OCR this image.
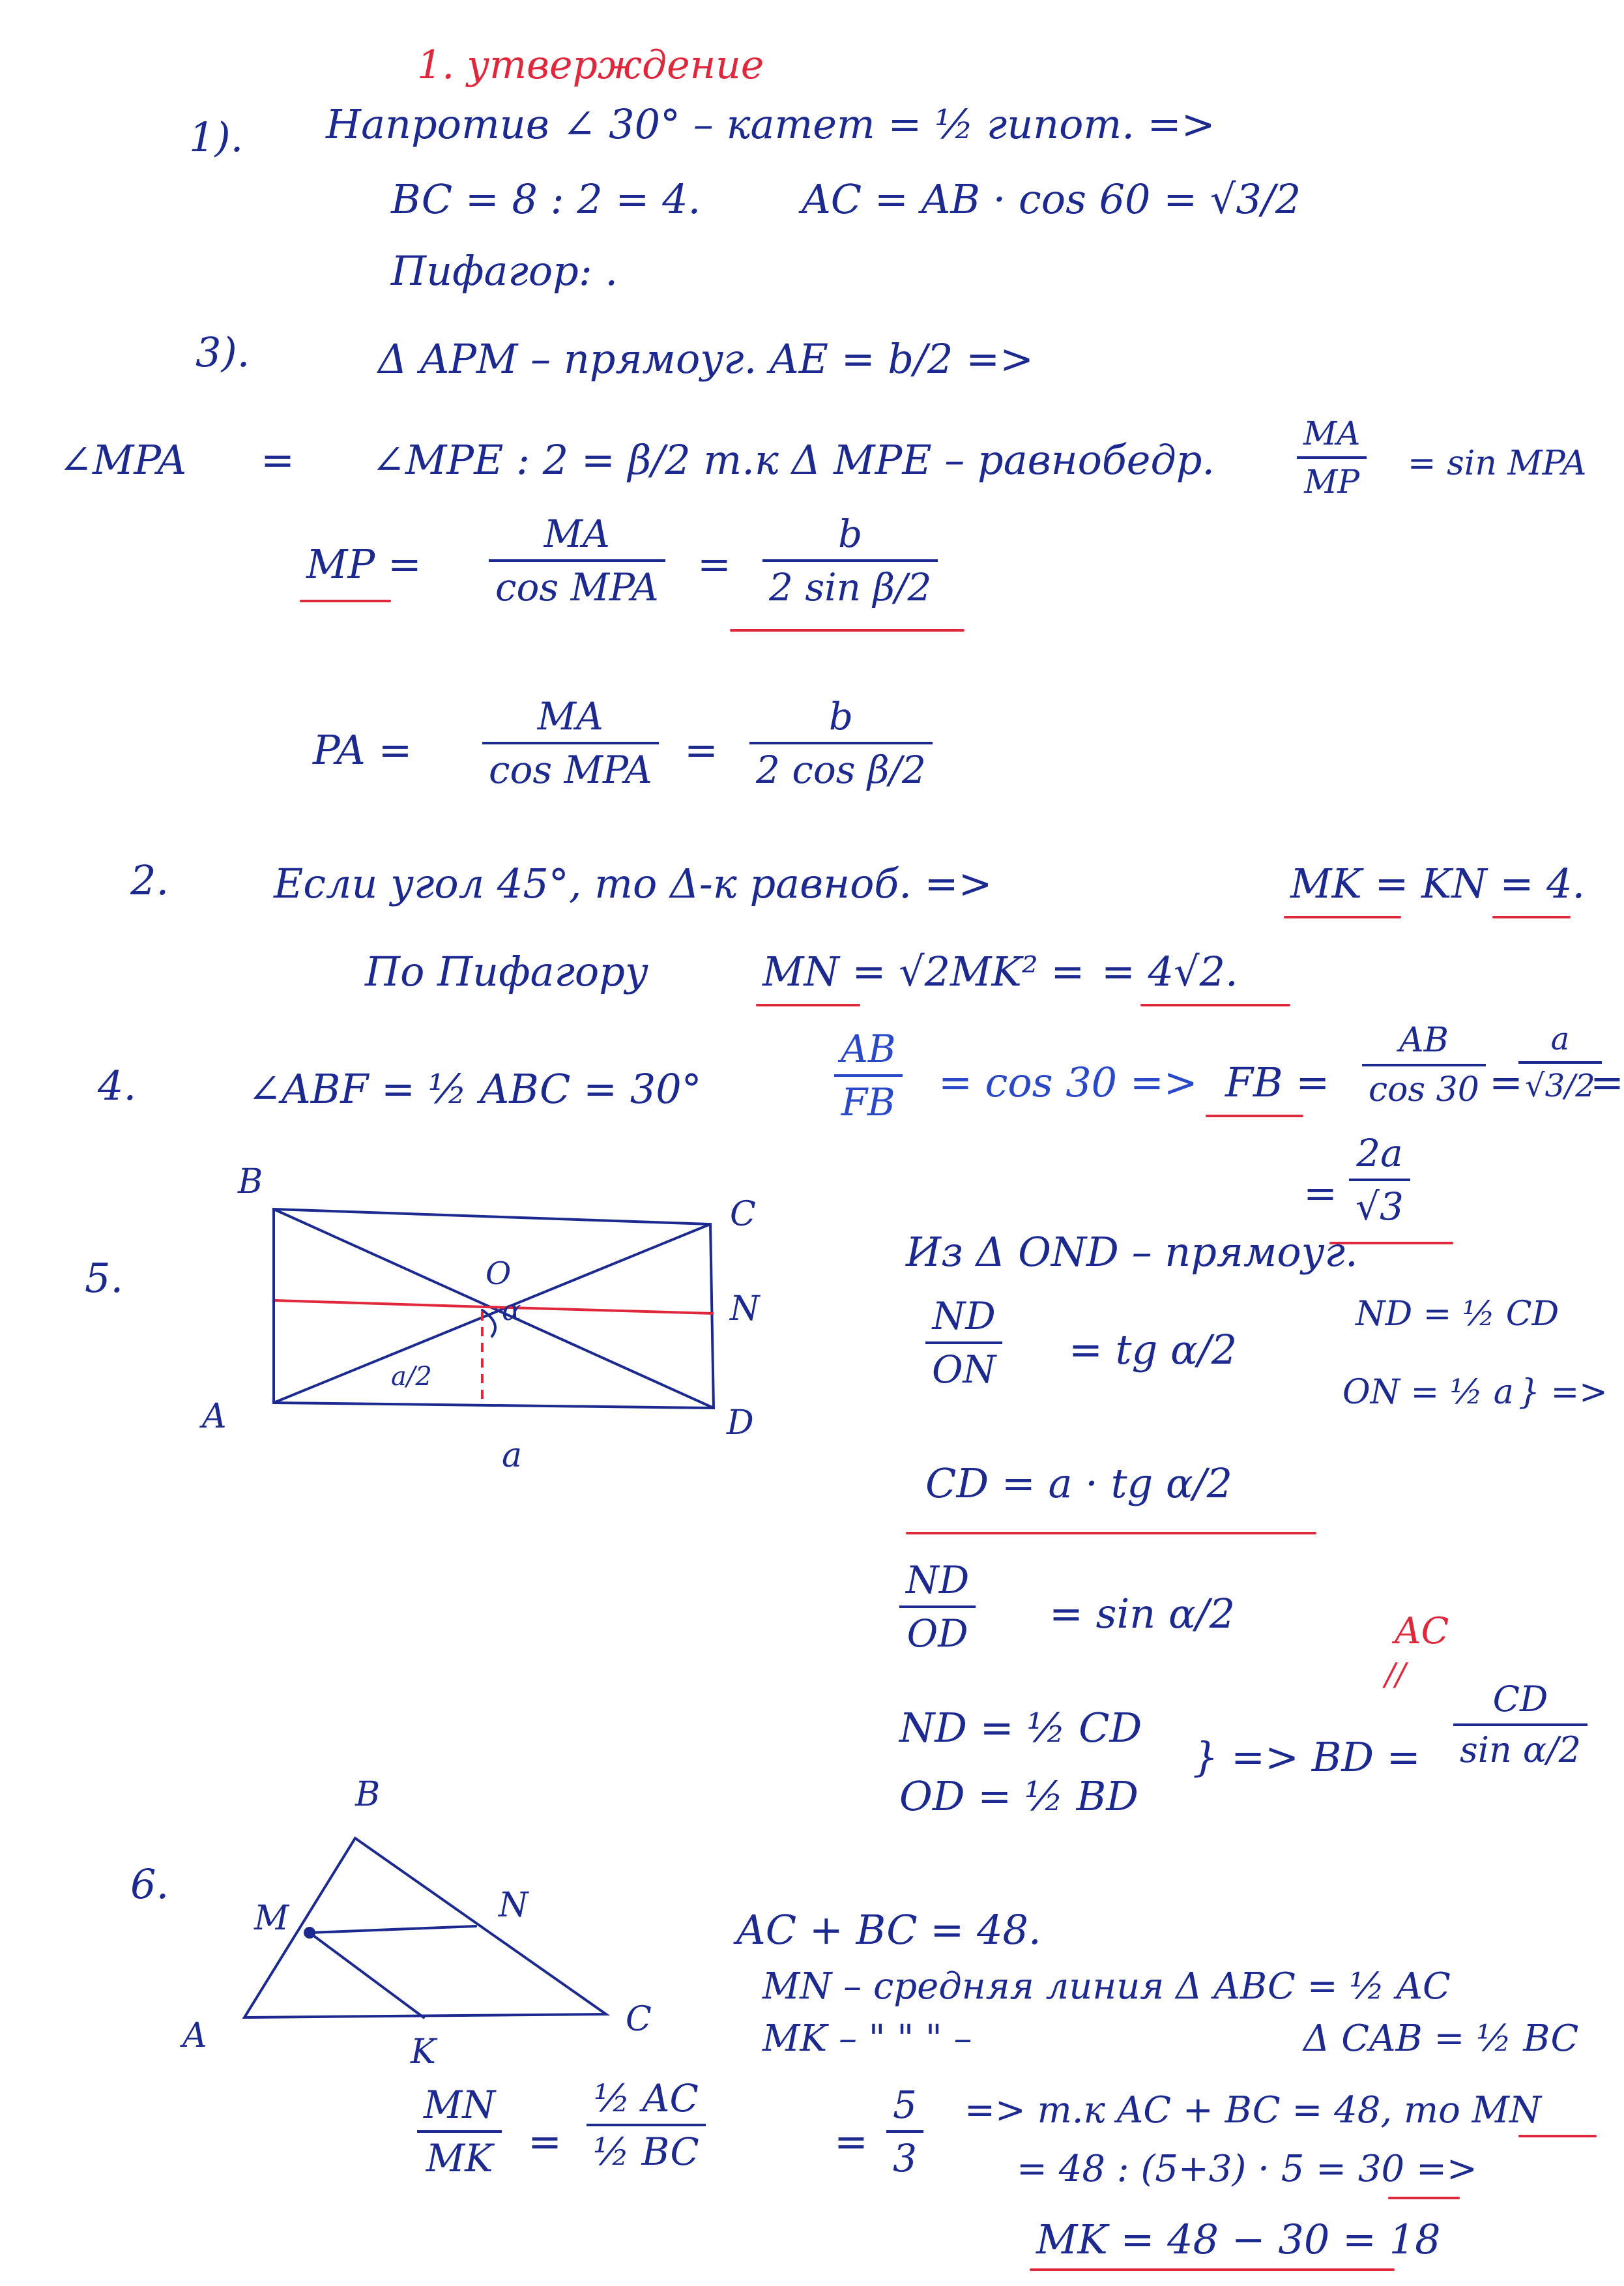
1. утверждение
1). Напротив ∠ 30° – катет = ½ гипот. =>
BC = 8 : 2 = 4. AC = AB · cos 60 = √3/2
Пифагор: .
3).	Δ APM – прямоуг. AE = b/2 =>
∠MPA = ∠MPE : 2 = β/2 т.к Δ MPE – равнобедр.	$\frac{MA}{MP} = \sin$ MPA
MP =
MA
cos MPA = $\frac{b}{\text{2 sin β/2}}$
PA =
MA
cos MPA = $\frac{b}{\text{2 cos β/2}}$
2.	Если угол 45°, то Δ-к равноб. =>	MK = KN = 4.
По Пифагору	MN = √2MK² = = 4√2.
4.	∠ABF = ½ ABC = 30°	$\frac{AB}{FB} = \cos 30$ => FB = $\frac{AB}{\cos 30}$ =
$\frac{a}{√3/2}$
=
= $\frac{2a}{√3}$
5.
B
C
A	D
O
N
α
a
a/2
Из Δ OND – прямоуг.
$\frac{ND}{ON}$ = tg α/2
ND = ½ CD
ON = ½ a } =>
CD = a · tg α/2
$\frac{ND}{OD} = \sin \alpha/2$	AC
//
ND = ½ CD
OD = ½ BD
} => BD = $\frac{CD}{\text{sin α/2}}$
6.
B
M	N
A	K
C
AC + BC = 48.
MN – средняя линия Δ ABC = ½ AC
MK – " " " –	Δ CAB = ½ BC
$\frac{MN}{MK} = \frac{\text{½ AC}}{\text{½ BC}}$	= $\frac{5}{3} => т.к$ AC + BC = 48, то MN
= 48 : (5+3) · 5 = 30 =>
MK = 48 − 30 = 18
